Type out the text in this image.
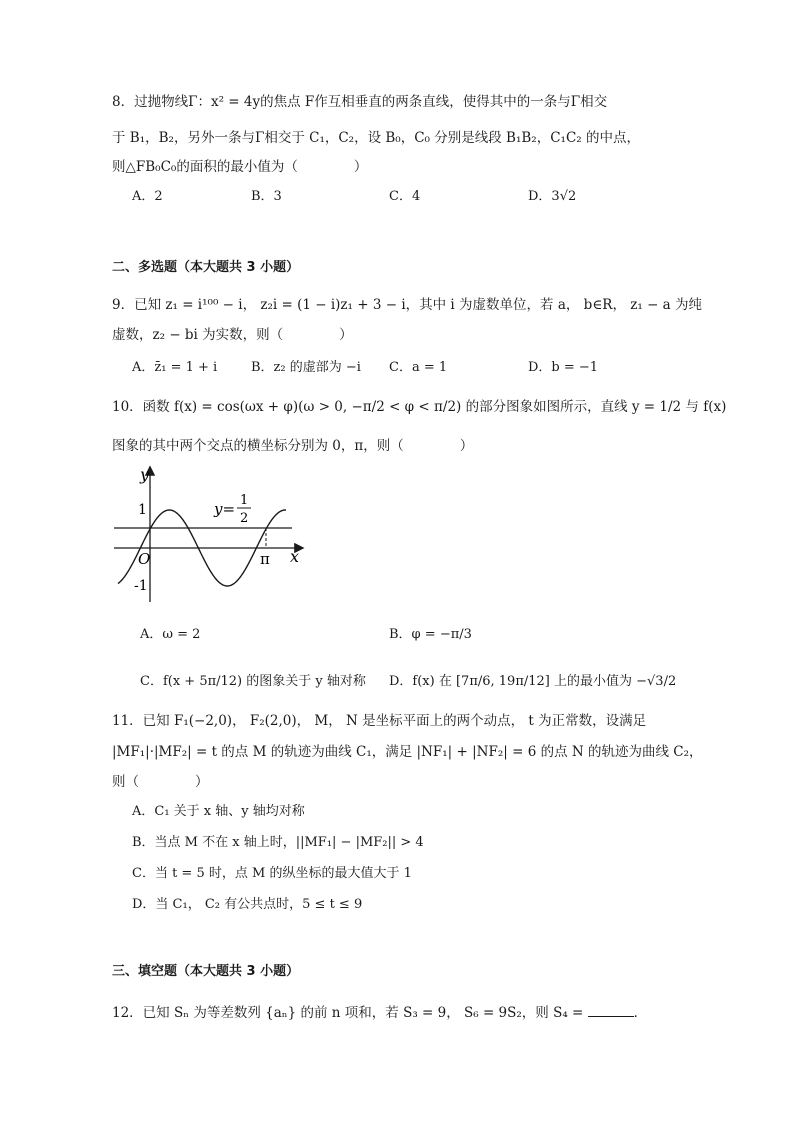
8．过抛物线Γ：x² = 4y的焦点 F作互相垂直的两条直线，使得其中的一条与Γ相交
于 B₁，B₂，另外一条与Γ相交于 C₁，C₂，设 B₀，C₀ 分别是线段 B₁B₂，C₁C₂ 的中点，
则△FB₀C₀的面积的最小值为（	）
A．2	B．3	C．4	D．3√2
二、多选题（本大题共 3 小题）
9．已知 z₁ = i¹⁰⁰ − i， z₂i = (1 − i)z₁ + 3 − i，其中 i 为虚数单位，若 a， b∈R， z₁ − a 为纯
虚数，z₂ − bi 为实数，则（	）
A．z̄₁ = 1 + i	B．z₂ 的虚部为 −i C．a = 1	D．b = −1
10．函数 f(x) = cos(ωx + φ)(ω > 0, −π/2 < φ < π/2) 的部分图象如图所示，直线 y = 1/2 与 f(x)
图象的其中两个交点的横坐标分别为 0，π，则（	）
y
x
1
-1
O	π
y= 1
2
A．ω = 2	B．φ = −π/3
C．f(x + 5π/12) 的图象关于 y 轴对称 D．f(x) 在 [7π/6, 19π/12] 上的最小值为 −√3/2
11．已知 F₁(−2,0)， F₂(2,0)， M， N 是坐标平面上的两个动点， t 为正常数，设满足
|MF₁|·|MF₂| = t 的点 M 的轨迹为曲线 C₁，满足 |NF₁| + |NF₂| = 6 的点 N 的轨迹为曲线 C₂，
则（	）
A．C₁ 关于 x 轴、y 轴均对称
B．当点 M 不在 x 轴上时，||MF₁| − |MF₂|| > 4
C．当 t = 5 时，点 M 的纵坐标的最大值大于 1
D．当 C₁， C₂ 有公共点时，5 ≤ t ≤ 9
三、填空题（本大题共 3 小题）
12．已知 Sₙ 为等差数列 {aₙ} 的前 n 项和，若 S₃ = 9， S₆ = 9S₂，则 S₄ =	．
